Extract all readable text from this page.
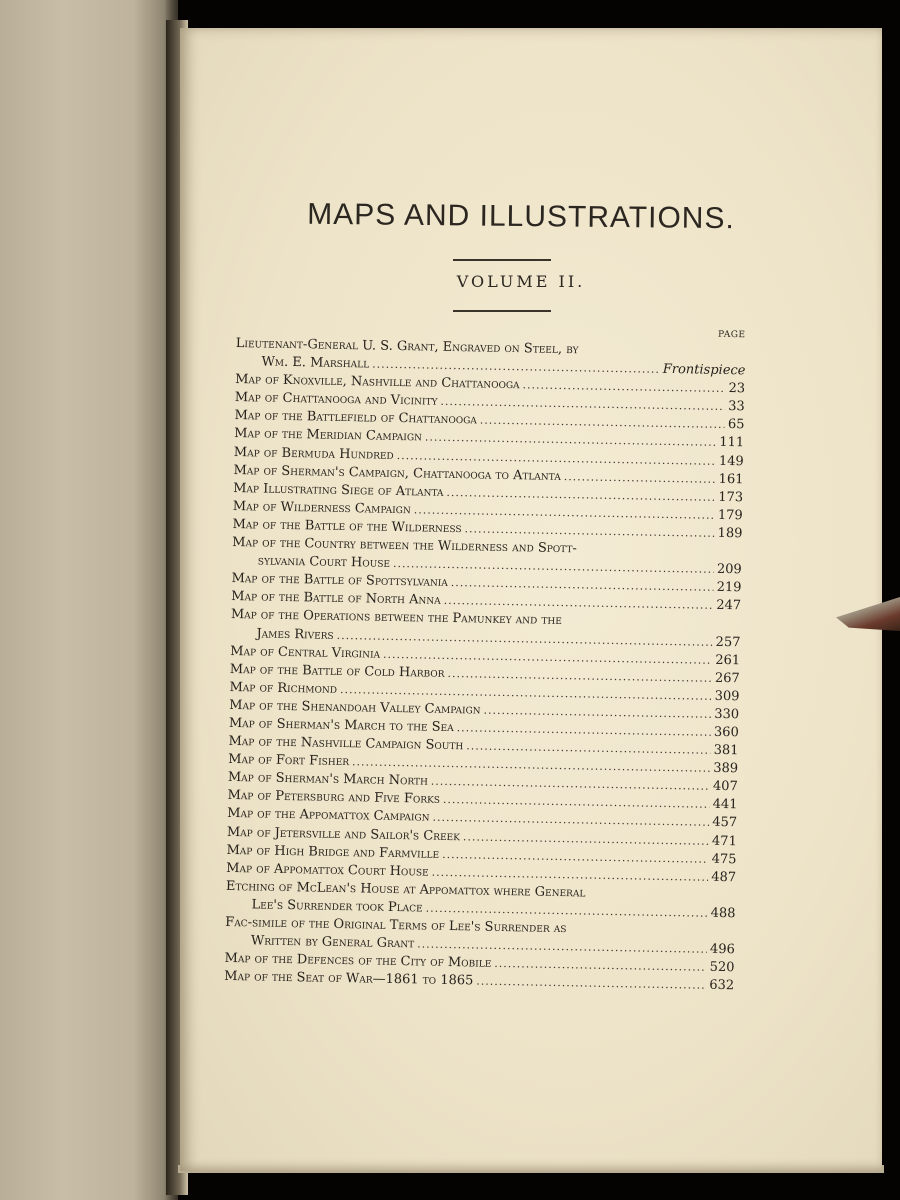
MAPS AND ILLUSTRATIONS.
VOLUME II.
PAGE
Lieutenant-General U. S. Grant, Engraved on Steel, by
Wm. E. Marshall .....	Frontispiece
Map of Knoxville, Nashville and Chattanooga .....	23
Map of Chattanooga and Vicinity .....	33
Map of the Battlefield of Chattanooga .....	65
Map of the Meridian Campaign .....	111
Map of Bermuda Hundred .....	149
Map of Sherman's Campaign, Chattanooga to Atlanta .....	161
Map Illustrating Siege of Atlanta .....	173
Map of Wilderness Campaign .....	179
Map of the Battle of the Wilderness .....	189
Map of the Country between the Wilderness and Spott-
sylvania Court House .....	209
Map of the Battle of Spottsylvania .....	219
Map of the Battle of North Anna .....	247
Map of the Operations between the Pamunkey and the
James Rivers .....	257
Map of Central Virginia .....	261
Map of the Battle of Cold Harbor .....	267
Map of Richmond .....	309
Map of the Shenandoah Valley Campaign .....	330
Map of Sherman's March to the Sea .....	360
Map of the Nashville Campaign South .....	381
Map of Fort Fisher .....	389
Map of Sherman's March North .....	407
Map of Petersburg and Five Forks .....	441
Map of the Appomattox Campaign .....	457
Map of Jetersville and Sailor's Creek .....	471
Map of High Bridge and Farmville .....	475
Map of Appomattox Court House .....	487
Etching of McLean's House at Appomattox where General
Lee's Surrender took Place .....	488
Fac-simile of the Original Terms of Lee's Surrender as
Written by General Grant .....	496
Map of the Defences of the City of Mobile .....	520
Map of the Seat of War—1861 to 1865 .....	632
